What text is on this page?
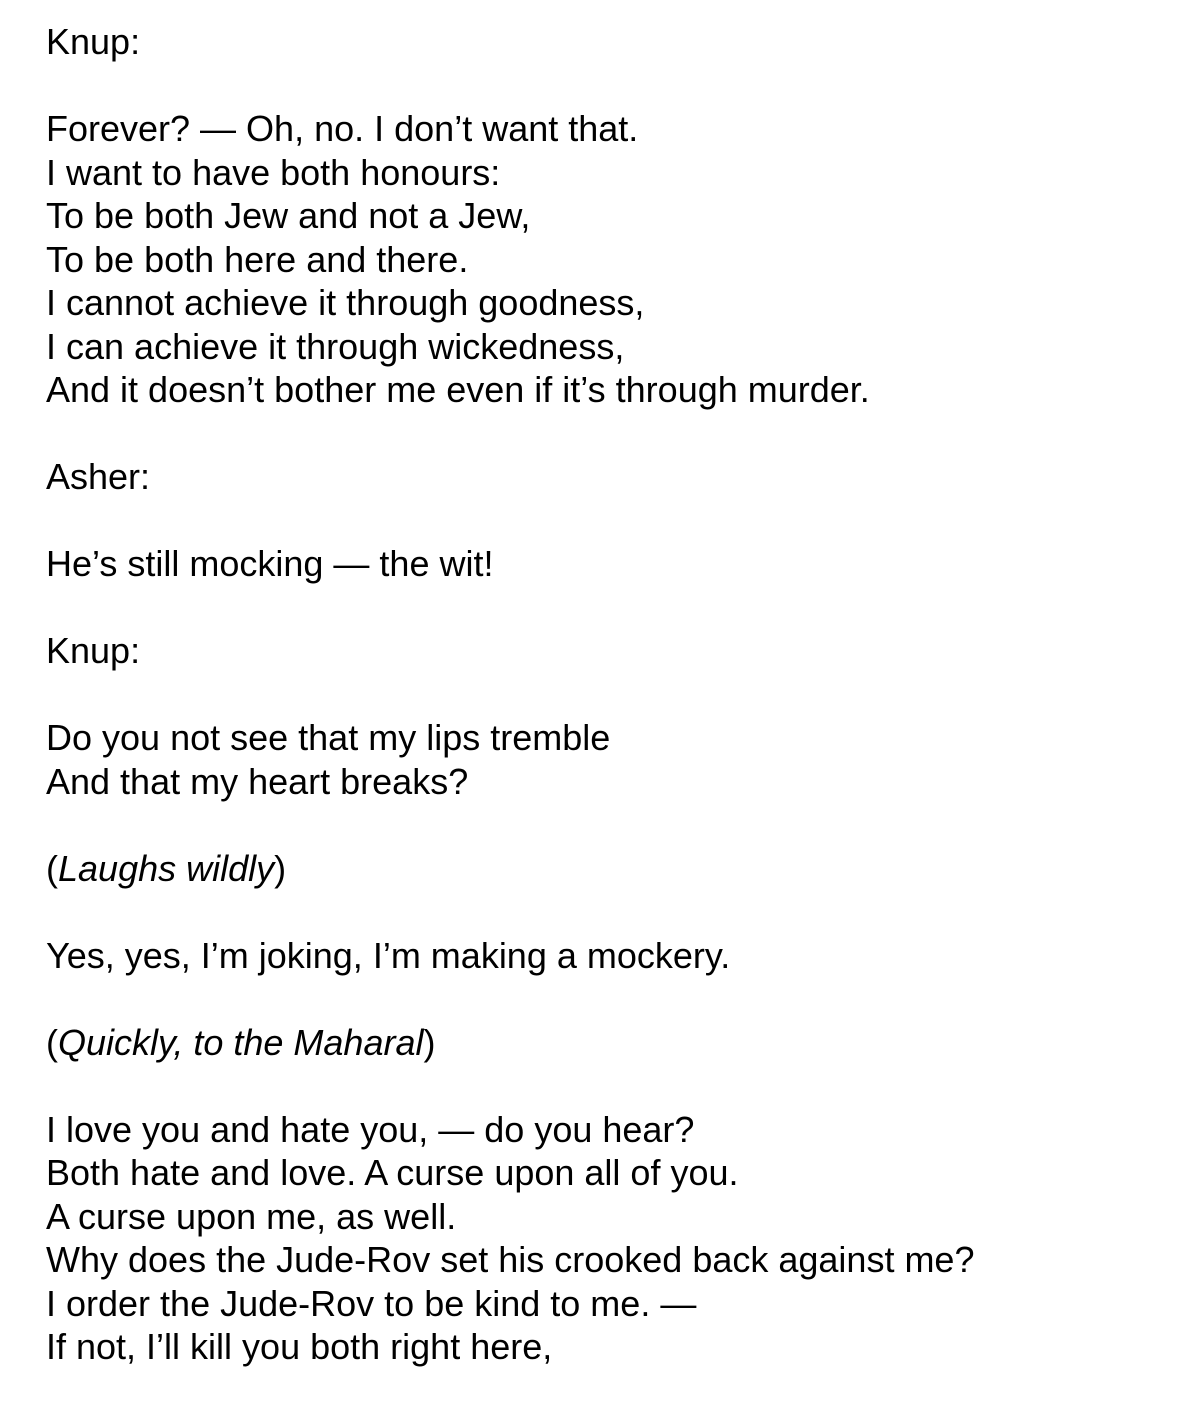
Knup:
Forever? — Oh, no. I don’t want that.
I want to have both honours:
To be both Jew and not a Jew,
To be both here and there.
I cannot achieve it through goodness,
I can achieve it through wickedness,
And it doesn’t bother me even if it’s through murder.
Asher:
He’s still mocking — the wit!
Knup:
Do you not see that my lips tremble
And that my heart breaks?
(Laughs wildly)
Yes, yes, I’m joking, I’m making a mockery.
(Quickly, to the Maharal)
I love you and hate you, — do you hear?
Both hate and love. A curse upon all of you.
A curse upon me, as well.
Why does the Jude-Rov set his crooked back against me?
I order the Jude-Rov to be kind to me. —
If not, I’ll kill you both right here,
